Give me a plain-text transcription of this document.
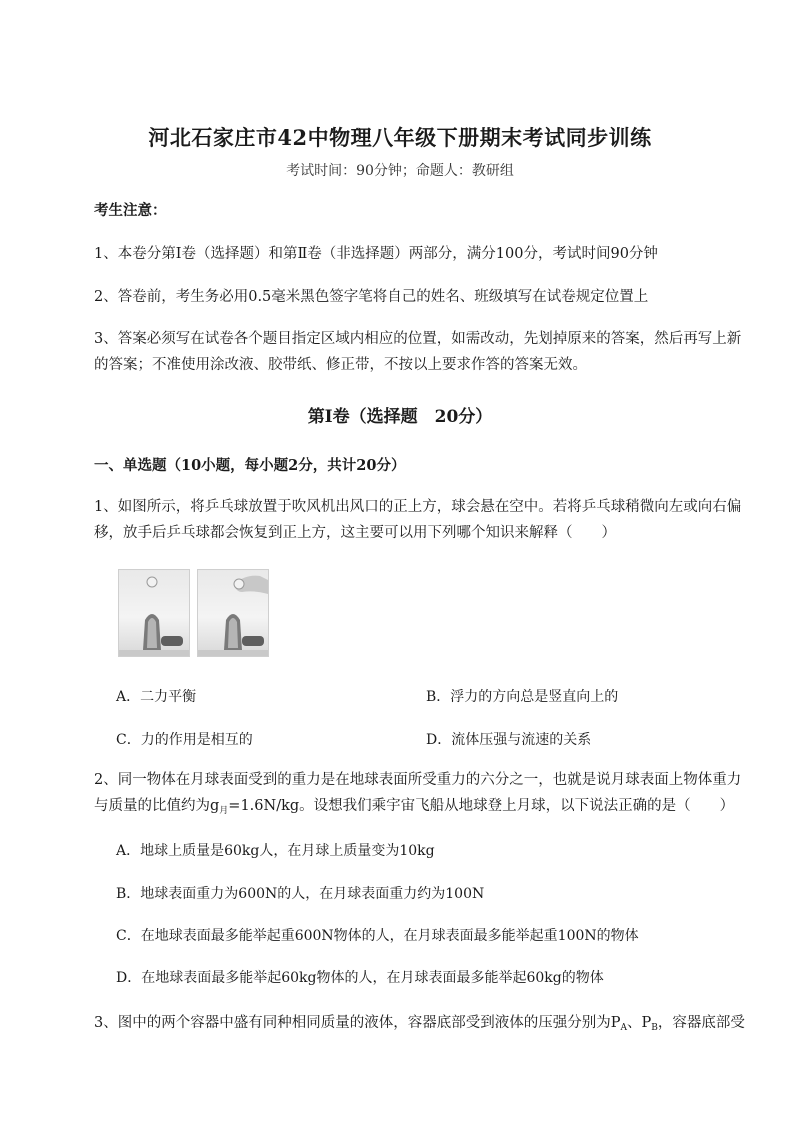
河北石家庄市42中物理八年级下册期末考试同步训练
考试时间：90分钟；命题人：教研组
考生注意：
1、本卷分第Ⅰ卷（选择题）和第Ⅱ卷（非选择题）两部分，满分100分，考试时间90分钟
2、答卷前，考生务必用0.5毫米黑色签字笔将自己的姓名、班级填写在试卷规定位置上
3、答案必须写在试卷各个题目指定区域内相应的位置，如需改动，先划掉原来的答案，然后再写上新的答案；不准使用涂改液、胶带纸、修正带，不按以上要求作答的答案无效。
第Ⅰ卷（选择题　20分）
一、单选题（10小题，每小题2分，共计20分）
1、如图所示，将乒乓球放置于吹风机出风口的正上方，球会悬在空中。若将乒乓球稍微向左或向右偏移，放手后乒乓球都会恢复到正上方，这主要可以用下列哪个知识来解释（　　）
A．二力平衡	B．浮力的方向总是竖直向上的
C．力的作用是相互的	D．流体压强与流速的关系
2、同一物体在月球表面受到的重力是在地球表面所受重力的六分之一，也就是说月球表面上物体重力与质量的比值约为$g_月=1.6N/kg$。设想我们乘宇宙飞船从地球登上月球，以下说法正确的是（　　）
A．地球上质量是60kg人，在月球上质量变为10kg
B．地球表面重力为600N的人，在月球表面重力约为100N
C．在地球表面最多能举起重600N物体的人，在月球表面最多能举起重100N的物体
D．在地球表面最多能举起60kg物体的人，在月球表面最多能举起60kg的物体
3、图中的两个容器中盛有同种相同质量的液体，容器底部受到液体的压强分别为$P_A$、$P_B$，容器底部受
